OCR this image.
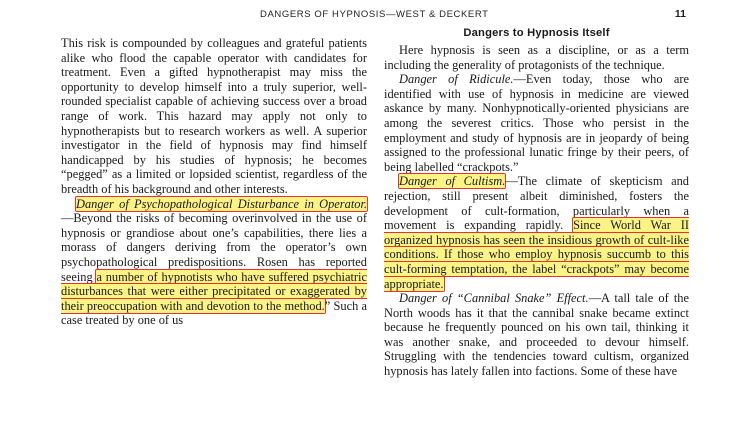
DANGERS OF HYPNOSIS—WEST & DECKERT	11

This risk is compounded by colleagues and grateful patients alike who flood the capable operator with candidates for treatment. Even a gifted hypnotherapist may miss the opportunity to develop himself into a truly superior, well-rounded specialist capable of achieving success over a broad range of work. This hazard may apply not only to hypnotherapists but to research workers as well. A superior investigator in the field of hypnosis may find himself handicapped by his studies of hypnosis; he becomes “pegged” as a limited or lopsided scientist, regardless of the breadth of his background and other interests.

Danger of Psychopathological Disturbance in Operator.—Beyond the risks of becoming overinvolved in the use of hypnosis or grandiose about one’s capabilities, there lies a morass of dangers deriving from the operator’s own psychopathological predispositions. Rosen has reported seeing a number of hypnotists who have suffered psychiatric disturbances that were either precipitated or exaggerated by their preoccupation with and devotion to the method.” Such a case treated by one of us

Dangers to Hypnosis Itself

Here hypnosis is seen as a discipline, or as a term including the generality of protagonists of the technique.

Danger of Ridicule.—Even today, those who are identified with use of hypnosis in medicine are viewed askance by many. Nonhypnotically-oriented physicians are among the severest critics. Those who persist in the employment and study of hypnosis are in jeopardy of being assigned to the professional lunatic fringe by their peers, of being labelled “crackpots.”

Danger of Cultism.—The climate of skepticism and rejection, still present albeit diminished, fosters the development of cult-formation, particularly when a movement is expanding rapidly. Since World War II organized hypnosis has seen the insidious growth of cult-like conditions. If those who employ hypnosis succumb to this cult-forming temptation, the label “crackpots” may become appropriate.

Danger of “Cannibal Snake” Effect.—A tall tale of the North woods has it that the cannibal snake became extinct because he frequently pounced on his own tail, thinking it was another snake, and proceeded to devour himself. Struggling with the tendencies toward cultism, organized hypnosis has lately fallen into factions. Some of these have
